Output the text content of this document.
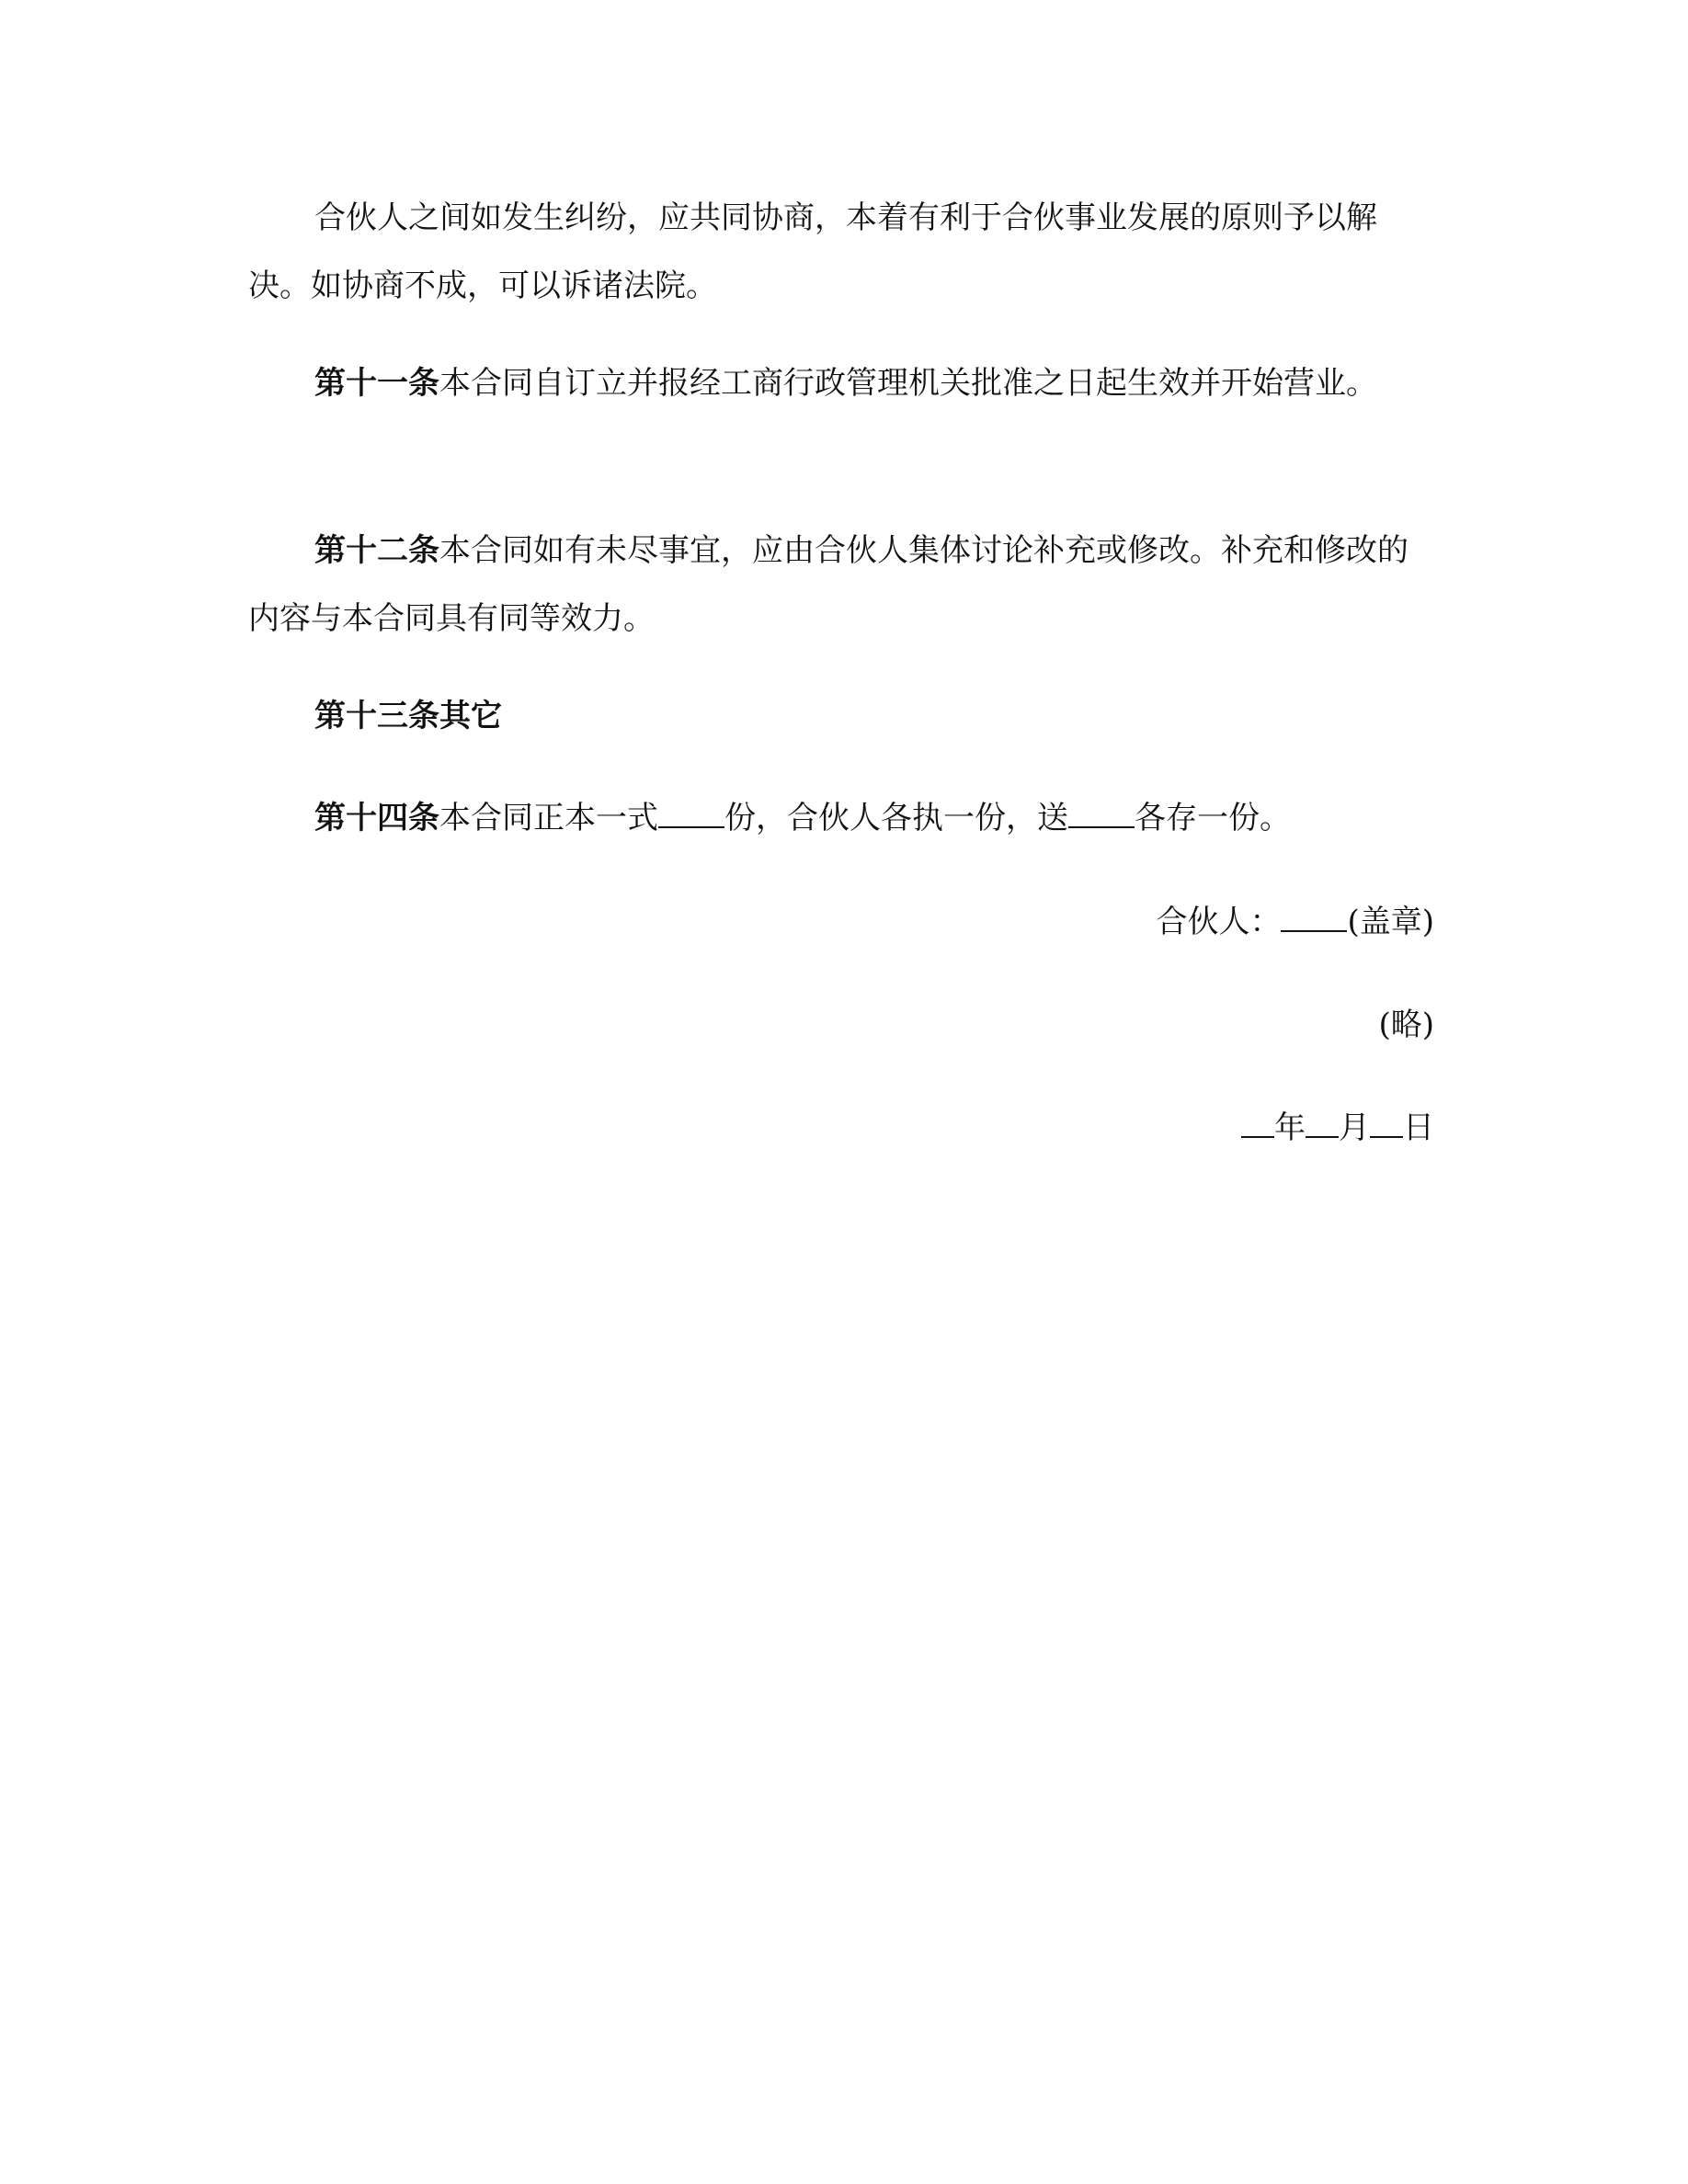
合伙人之间如发生纠纷，应共同协商，本着有利于合伙事业发展的原则予以解决。如协商不成，可以诉诸法院。

第十一条本合同自订立并报经工商行政管理机关批准之日起生效并开始营业。

第十二条本合同如有未尽事宜，应由合伙人集体讨论补充或修改。补充和修改的内容与本合同具有同等效力。

第十三条其它

第十四条本合同正本一式 份，合伙人各执一份，送 各存一份。

合伙人： (盖章)

(略)

年 月 日
